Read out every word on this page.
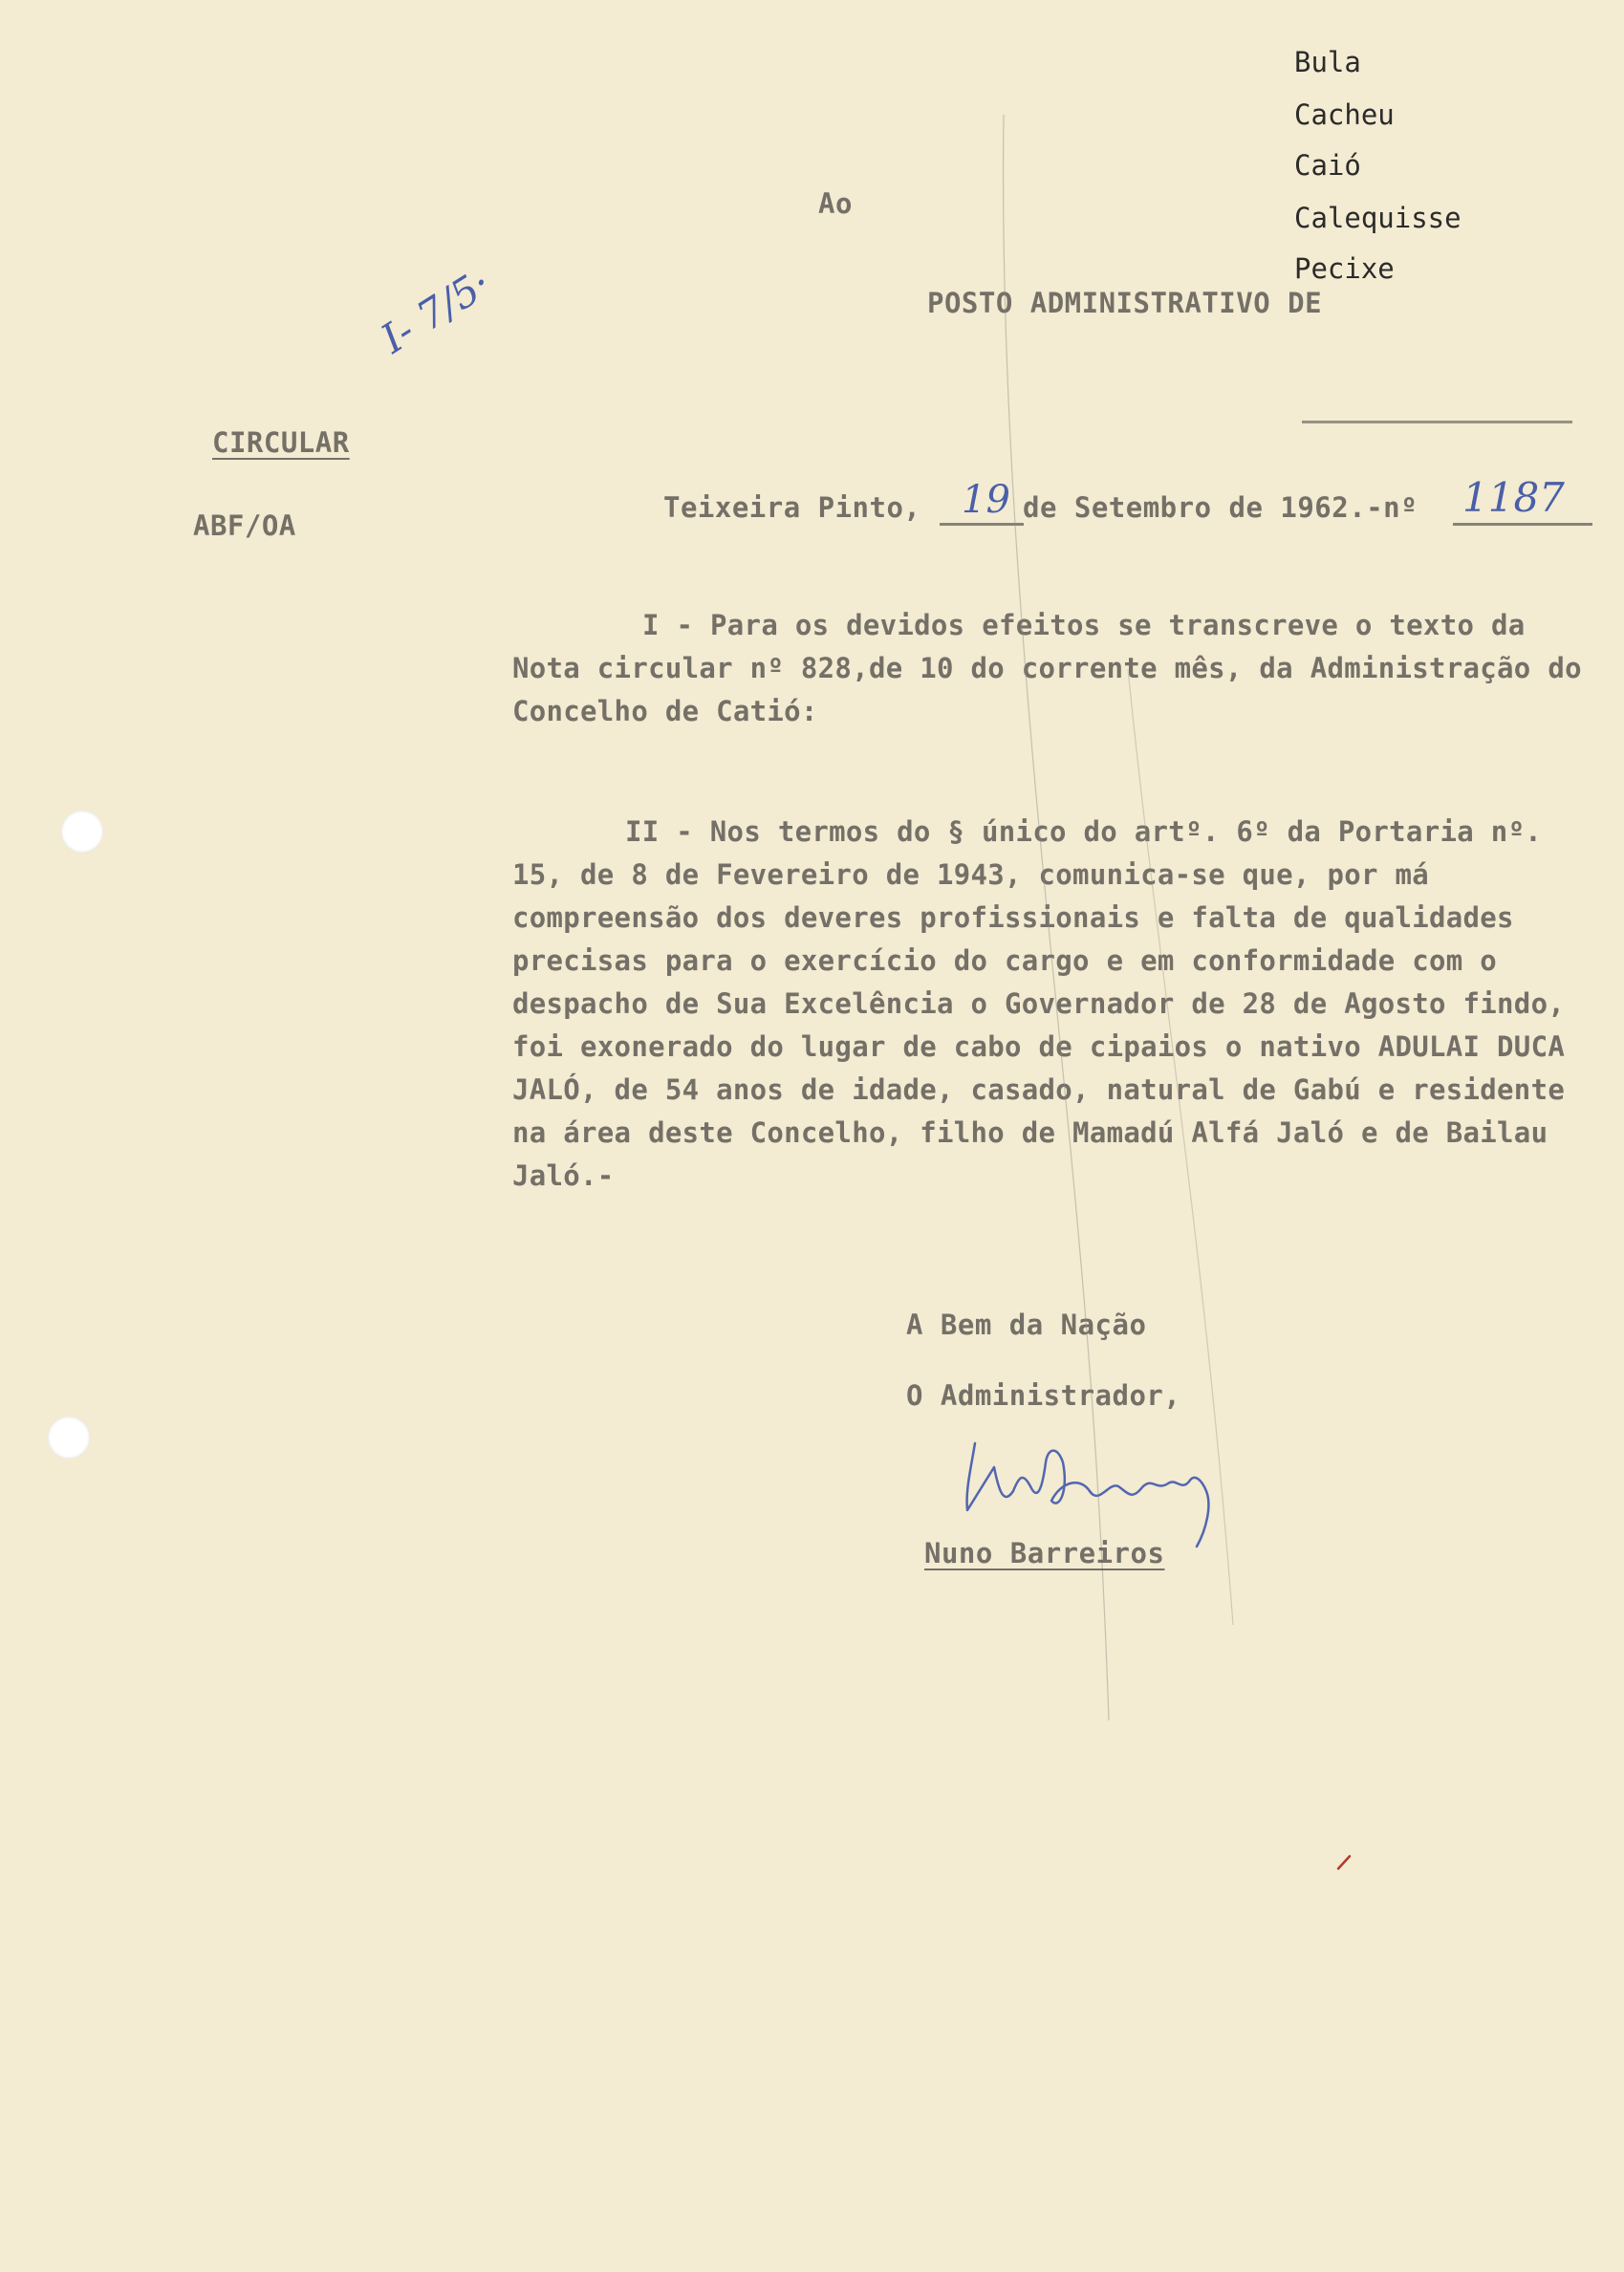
Bula
Cacheu
Caió
Calequisse
Pecixe
Ao
POSTO ADMINISTRATIVO DE
I- 7/5·
CIRCULAR
ABF/OA
Teixeira Pinto, 19 de Setembro de 1962.-nº 1187
I - Para os devidos efeitos se transcreve o texto da Nota circular nº 828,de 10 do corrente mês, da Administração do Concelho de Catió:
II - Nos termos do § único do artº. 6º da Portaria nº. 15, de 8 de Fevereiro de 1943, comunica-se que, por má compreensão dos deveres profissionais e falta de qualidades precisas para o exercício do cargo e em conformidade com o despacho de Sua Excelência o Governador de 28 de Agosto findo, foi exonerado do lugar de cabo de cipaios o nativo ADULAI DUCA JALÓ, de 54 anos de idade, casado, natural de Gabú e residente na área deste Concelho, filho de Mamadú Alfá Jaló e de Bailau Jaló.-
A Bem da Nação
O Administrador,
Nuno Barreiros
